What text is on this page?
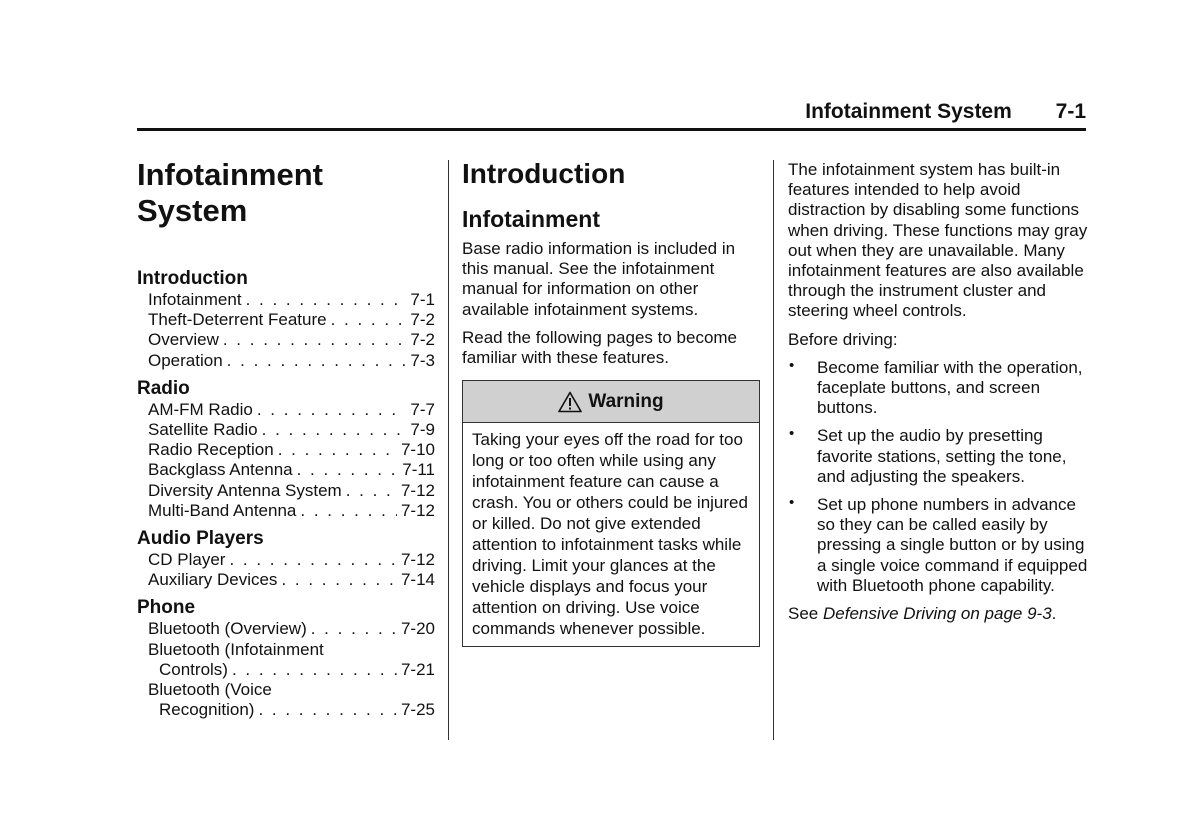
Infotainment System 7-1
Infotainment
System
Introduction
Infotainment . . .	7-1
Theft-Deterrent Feature . . .	7-2
Overview . . .	7-2
Operation . . .	7-3
Radio
AM-FM Radio . . .	7-7
Satellite Radio . . .	7-9
Radio Reception . . .	7-10
Backglass Antenna . . .	7-11
Diversity Antenna System . . .	7-12
Multi-Band Antenna . . .	7-12
Audio Players
CD Player . . .	7-12
Auxiliary Devices . . .	7-14
Phone
Bluetooth (Overview) . . .	7-20
Bluetooth (Infotainment
Controls) . . .	7-21
Bluetooth (Voice
Recognition) . . .	7-25
Introduction
Infotainment

Base radio information is included in this manual. See the infotainment manual for information on other available infotainment systems.

Read the following pages to become familiar with these features.

Warning
Taking your eyes off the road for too long or too often while using any infotainment feature can cause a crash. You or others could be injured or killed. Do not give extended attention to infotainment tasks while driving. Limit your glances at the vehicle displays and focus your attention on driving. Use voice commands whenever possible.

The infotainment system has built-in features intended to help avoid distraction by disabling some functions when driving. These functions may gray out when they are unavailable. Many infotainment features are also available through the instrument cluster and steering wheel controls.

Before driving:

• Become familiar with the operation, faceplate buttons, and screen buttons.
• Set up the audio by presetting favorite stations, setting the tone, and adjusting the speakers.
• Set up phone numbers in advance so they can be called easily by pressing a single button or by using a single voice command if equipped with Bluetooth phone capability.

See Defensive Driving on page 9-3.
